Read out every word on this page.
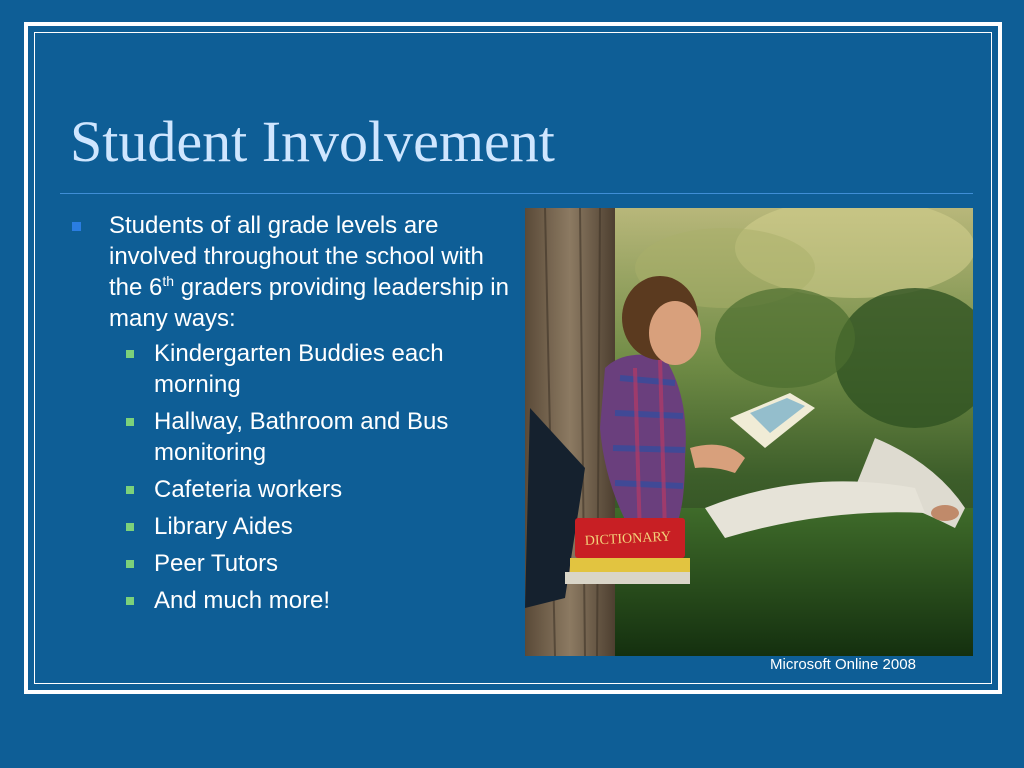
Student Involvement
Students of all grade levels are involved throughout the school with the 6th graders providing leadership in many ways:
Kindergarten Buddies each morning
Hallway, Bathroom and Bus monitoring
Cafeteria workers
Library Aides
Peer Tutors
And much more!
DICTIONARY
Microsoft Online 2008
